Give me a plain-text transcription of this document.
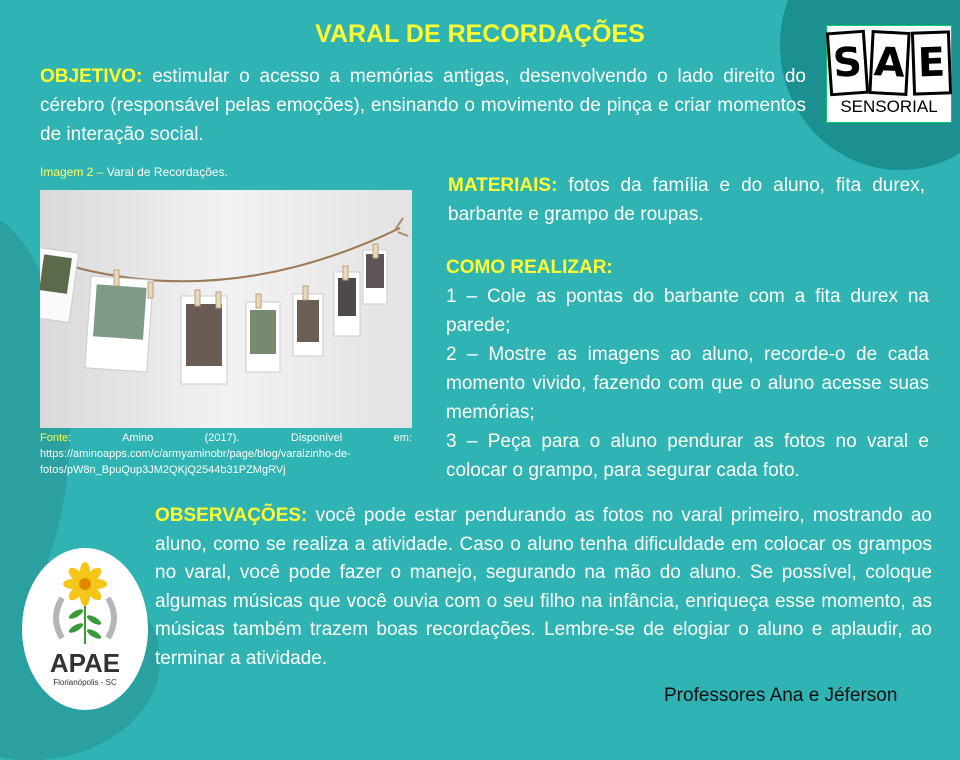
VARAL DE RECORDAÇÕES

OBJETIVO: estimular o acesso a memórias antigas, desenvolvendo o lado direito do cérebro (responsável pelas emoções), ensinando o movimento de pinça e criar momentos de interação social.

S A E
SENSORIAL
Imagem 2 – Varal de Recordações.

Fonte: Amino (2017). Disponível em: https://aminoapps.com/c/armyaminobr/page/blog/varalzinho-de-fotos/pW8n_BpuQup3JM2QKjQ2544b31PZMgRVj

MATERIAIS: fotos da família e do aluno, fita durex, barbante e grampo de roupas.

COMO REALIZAR:

1 – Cole as pontas do barbante com a fita durex na parede;

2 – Mostre as imagens ao aluno, recorde-o de cada momento vivido, fazendo com que o aluno acesse suas memórias;

3 – Peça para o aluno pendurar as fotos no varal e colocar o grampo, para segurar cada foto.

OBSERVAÇÕES: você pode estar pendurando as fotos no varal primeiro, mostrando ao aluno, como se realiza a atividade. Caso o aluno tenha dificuldade em colocar os grampos no varal, você pode fazer o manejo, segurando na mão do aluno. Se possível, coloque algumas músicas que você ouvia com o seu filho na infância, enriqueça esse momento, as músicas também trazem boas recordações. Lembre-se de elogiar o aluno e aplaudir, ao terminar a atividade.

APAE
Florianópolis - SC
Professores Ana e Jéferson
